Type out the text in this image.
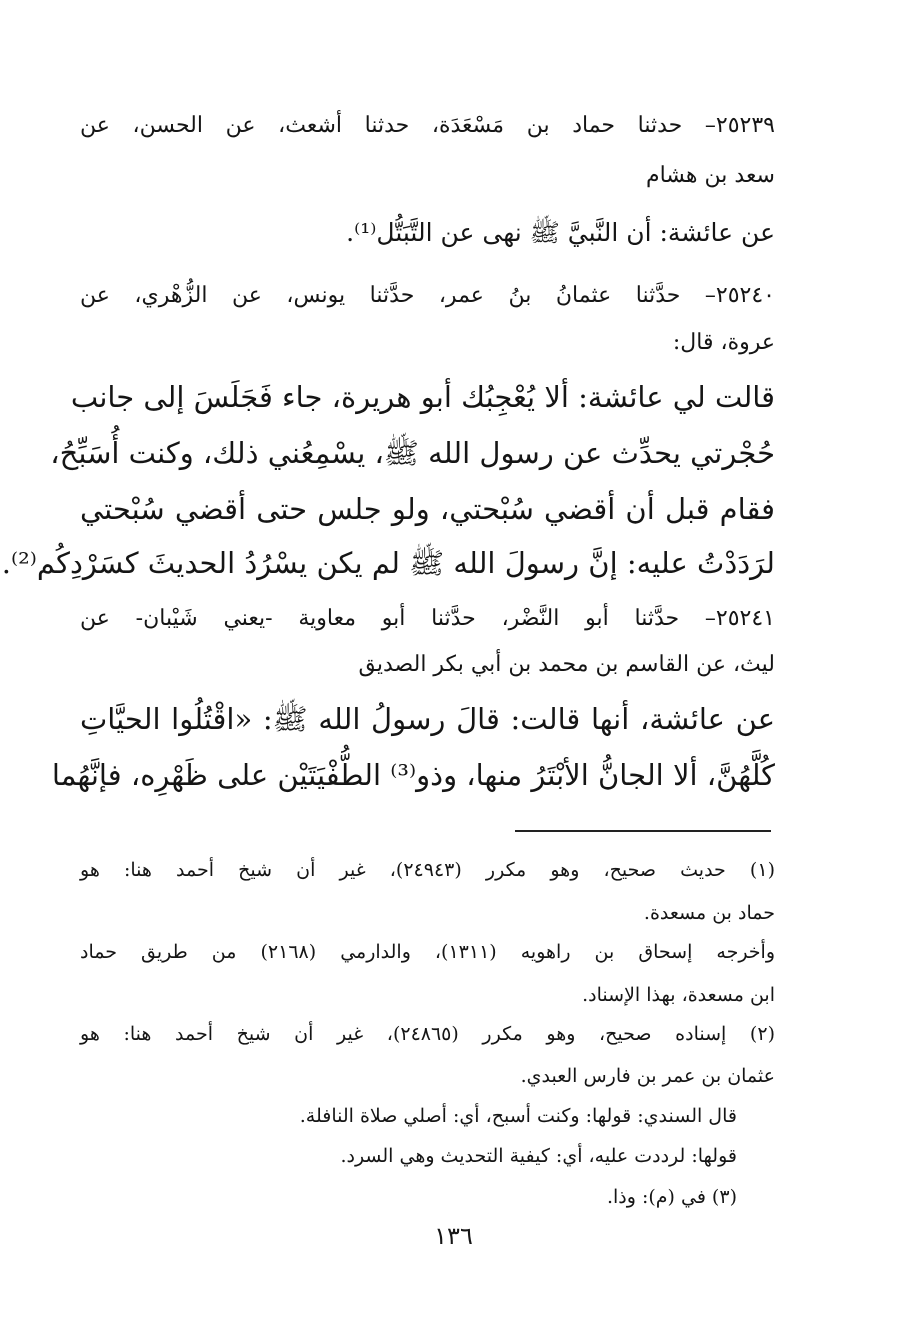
٢٥٢٣٩– حدثنا حماد بن مَسْعَدَة، حدثنا أشعث، عن الحسن، عن
سعد بن هشام
عن عائشة: أن النَّبيَّ ﷺ نهى عن التَّبَتُّل⁽¹⁾.
٢٥٢٤٠– حدَّثنا عثمانُ بنُ عمر، حدَّثنا يونس، عن الزُّهْري، عن
عروة، قال:
قالت لي عائشة: ألا يُعْجِبُك أبو هريرة، جاء فَجَلَسَ إلى جانب
حُجْرتي يحدِّث عن رسول الله ﷺ، يسْمِعُني ذلك، وكنت أُسَبِّحُ،
فقام قبل أن أقضي سُبْحتي، ولو جلس حتى أقضي سُبْحتي
لرَدَدْتُ عليه: إنَّ رسولَ الله ﷺ لم يكن يسْرُدُ الحديثَ كسَرْدِكُم⁽²⁾.
٢٥٢٤١– حدَّثنا أبو النَّضْر، حدَّثنا أبو معاوية -يعني شَيْبان- عن
ليث، عن القاسم بن محمد بن أبي بكر الصديق
عن عائشة، أنها قالت: قالَ رسولُ الله ﷺ: «اقْتُلُوا الحيَّاتِ
كُلَّهُنَّ، ألا الجانُّ الأبْتَرُ منها، وذو⁽³⁾ الطُّفْيَتَيْن على ظَهْرِه، فإنَّهُما
(١) حديث صحيح، وهو مكرر (٢٤٩٤٣)، غير أن شيخ أحمد هنا: هو
حماد بن مسعدة.
وأخرجه إسحاق بن راهويه (١٣١١)، والدارمي (٢١٦٨) من طريق حماد
ابن مسعدة، بهذا الإسناد.
(٢) إسناده صحيح، وهو مكرر (٢٤٨٦٥)، غير أن شيخ أحمد هنا: هو
عثمان بن عمر بن فارس العبدي.
قال السندي: قولها: وكنت أسبح، أي: أصلي صلاة النافلة.
قولها: لرددت عليه، أي: كيفية التحديث وهي السرد.
(٣) في (م): وذا.
١٣٦
